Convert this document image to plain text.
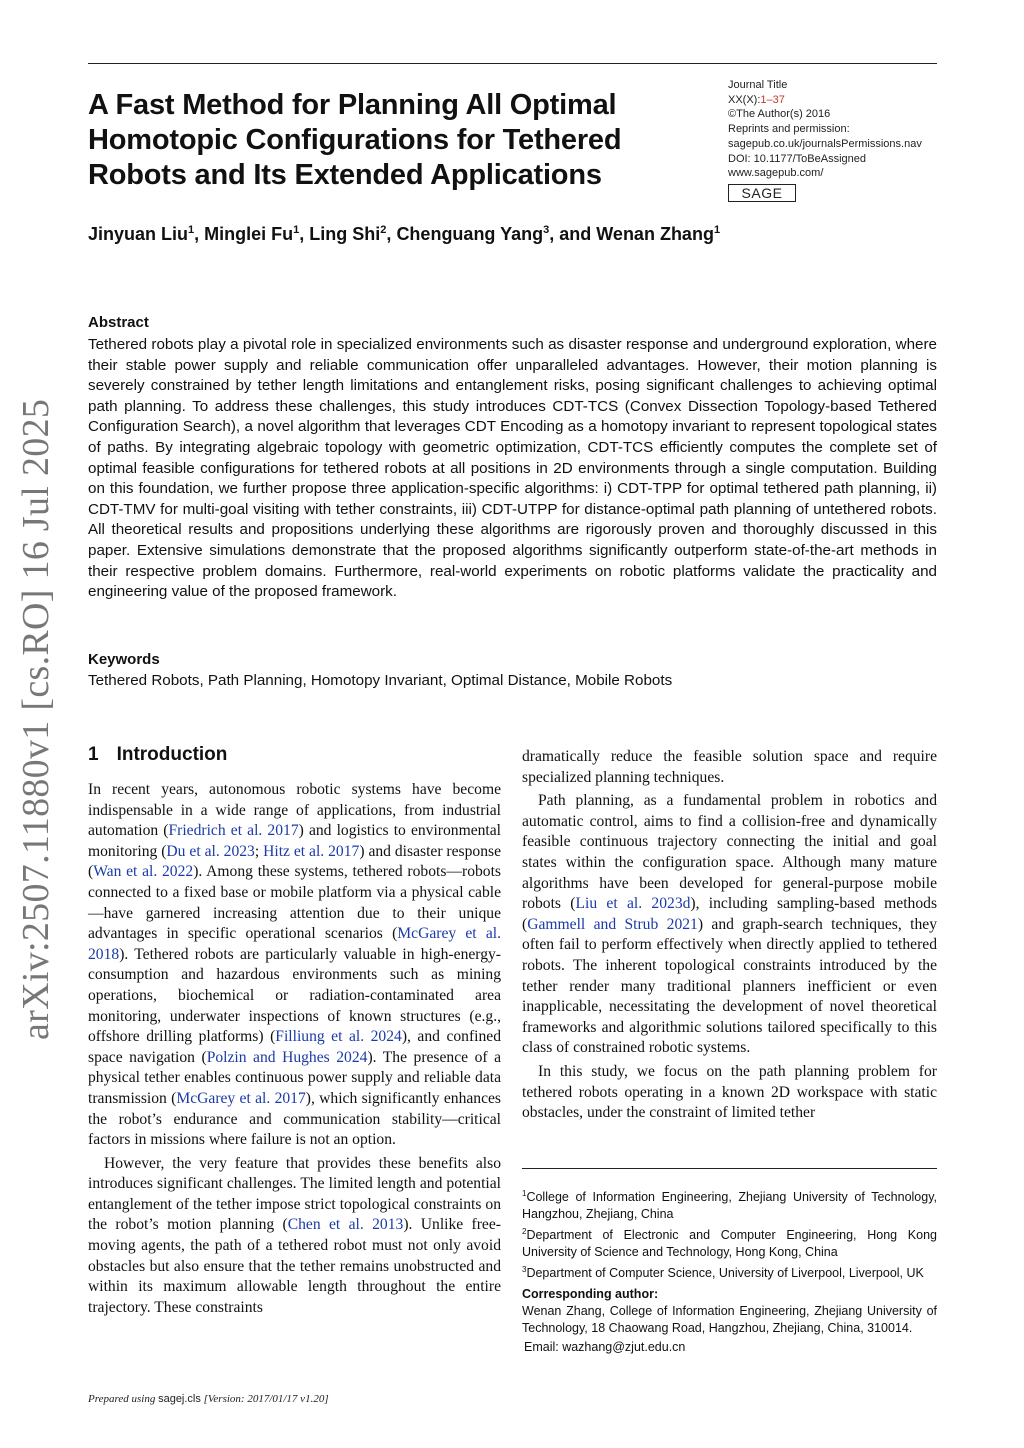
A Fast Method for Planning All Optimal Homotopic Configurations for Tethered Robots and Its Extended Applications
Journal Title
XX(X):1–37
©The Author(s) 2016
Reprints and permission:
sagepub.co.uk/journalsPermissions.nav
DOI: 10.1177/ToBeAssigned
www.sagepub.com/
SAGE
Jinyuan Liu$^1$, Minglei Fu$^1$, Ling Shi$^2$, Chenguang Yang$^3$, and Wenan Zhang$^1$
Abstract

Tethered robots play a pivotal role in specialized environments such as disaster response and underground exploration, where their stable power supply and reliable communication offer unparalleled advantages. However, their motion planning is severely constrained by tether length limitations and entanglement risks, posing significant challenges to achieving optimal path planning. To address these challenges, this study introduces CDT-TCS (Convex Dissection Topology-based Tethered Configuration Search), a novel algorithm that leverages CDT Encoding as a homotopy invariant to represent topological states of paths. By integrating algebraic topology with geometric optimization, CDT-TCS efficiently computes the complete set of optimal feasible configurations for tethered robots at all positions in 2D environments through a single computation. Building on this foundation, we further propose three application-specific algorithms: i) CDT-TPP for optimal tethered path planning, ii) CDT-TMV for multi-goal visiting with tether constraints, iii) CDT-UTPP for distance-optimal path planning of untethered robots. All theoretical results and propositions underlying these algorithms are rigorously proven and thoroughly discussed in this paper. Extensive simulations demonstrate that the proposed algorithms significantly outperform state-of-the-art methods in their respective problem domains. Furthermore, real-world experiments on robotic platforms validate the practicality and engineering value of the proposed framework.

Keywords
Tethered Robots, Path Planning, Homotopy Invariant, Optimal Distance, Mobile Robots
arXiv:2507.11880v1 [cs.RO] 16 Jul 2025 1 Introduction

In recent years, autonomous robotic systems have become indispensable in a wide range of applications, from industrial automation (Friedrich et al. 2017) and logistics to environmental monitoring (Du et al. 2023; Hitz et al. 2017) and disaster response (Wan et al. 2022). Among these systems, tethered robots—robots connected to a fixed base or mobile platform via a physical cable—have garnered increasing attention due to their unique advantages in specific operational scenarios (McGarey et al. 2018). Tethered robots are particularly valuable in high-energy-consumption and hazardous environments such as mining operations, biochemical or radiation-contaminated area monitoring, underwater inspections of known structures (e.g., offshore drilling platforms) (Filliung et al. 2024), and confined space navigation (Polzin and Hughes 2024). The presence of a physical tether enables continuous power supply and reliable data transmission (McGarey et al. 2017), which significantly enhances the robot’s endurance and communication stability—critical factors in missions where failure is not an option.

However, the very feature that provides these benefits also introduces significant challenges. The limited length and potential entanglement of the tether impose strict topological constraints on the robot’s motion planning (Chen et al. 2013). Unlike free-moving agents, the path of a tethered robot must not only avoid obstacles but also ensure that the tether remains unobstructed and within its maximum allowable length throughout the entire trajectory. These constraints

dramatically reduce the feasible solution space and require specialized planning techniques.

Path planning, as a fundamental problem in robotics and automatic control, aims to find a collision-free and dynamically feasible continuous trajectory connecting the initial and goal states within the configuration space. Although many mature algorithms have been developed for general-purpose mobile robots (Liu et al. 2023d), including sampling-based methods (Gammell and Strub 2021) and graph-search techniques, they often fail to perform effectively when directly applied to tethered robots. The inherent topological constraints introduced by the tether render many traditional planners inefficient or even inapplicable, necessitating the development of novel theoretical frameworks and algorithmic solutions tailored specifically to this class of constrained robotic systems.

In this study, we focus on the path planning problem for tethered robots operating in a known 2D workspace with static obstacles, under the constraint of limited tether

$^1$College of Information Engineering, Zhejiang University of Technology, Hangzhou, Zhejiang, China
$^2$Department of Electronic and Computer Engineering, Hong Kong University of Science and Technology, Hong Kong, China
$^3$Department of Computer Science, University of Liverpool, Liverpool, UK
Corresponding author:
Wenan Zhang, College of Information Engineering, Zhejiang University of Technology, 18 Chaowang Road, Hangzhou, Zhejiang, China, 310014.
Email: wazhang@zjut.edu.cn
Prepared using sagej.cls [Version: 2017/01/17 v1.20]
